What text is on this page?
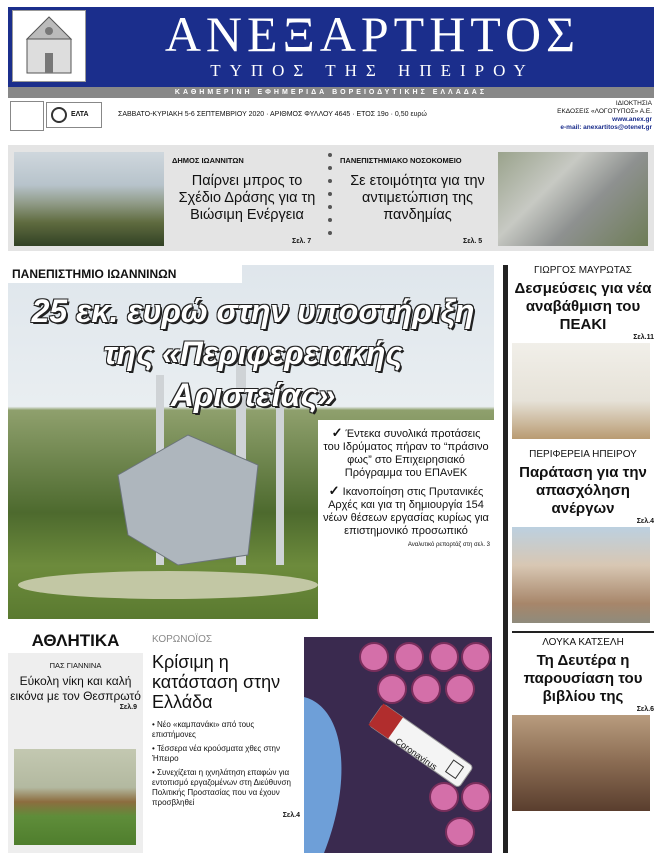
ΑΝΕΞΑΡΤΗΤΟΣ
ΤΥΠΟΣ ΤΗΣ ΗΠΕΙΡΟΥ
ΚΑΘΗΜΕΡΙΝΗ ΕΦΗΜΕΡΙΔΑ ΒΟΡΕΙΟΔΥΤΙΚΗΣ ΕΛΛΑΔΑΣ
ΕΛΤΑ	ΣΑΒΒΑΤΟ-ΚΥΡΙΑΚΗ 5-6 ΣΕΠΤΕΜΒΡΙΟΥ 2020 · ΑΡΙΘΜΟΣ ΦΥΛΛΟΥ 4645 · ΕΤΟΣ 19ο · 0,50 ευρώ
ΙΔΙΟΚΤΗΣΙΑ
ΕΚΔΟΣΕΙΣ «ΛΟΓΟΤΥΠΟΣ» Α.Ε.
www.anex.gr
e-mail: anexartitos@otenet.gr
ΔΗΜΟΣ ΙΩΑΝΝΙΤΩΝ
Παίρνει μπρος το Σχέδιο Δράσης για τη Βιώσιμη Ενέργεια
Σελ. 7
ΠΑΝΕΠΙΣΤΗΜΙΑΚΟ ΝΟΣΟΚΟΜΕΙΟ
Σε ετοιμότητα για την αντιμετώπιση της πανδημίας
Σελ. 5
ΠΑΝΕΠΙΣΤΗΜΙΟ ΙΩΑΝΝΙΝΩΝ
25 εκ. ευρώ στην υποστήριξη
της «Περιφερειακής Αριστείας»
✓ Έντεκα συνολικά προτάσεις του Ιδρύματος πήραν το “πράσινο φως” στο Επιχειρησιακό Πρόγραμμα του ΕΠΑνΕΚ
✓ Ικανοποίηση στις Πρυτανικές Αρχές και για τη δημιουργία 154 νέων θέσεων εργασίας κυρίως για επιστημονικό προσωπικό
Αναλυτικό ρεπορτάζ στη σελ. 3
ΓΙΩΡΓΟΣ ΜΑΥΡΩΤΑΣ
Δεσμεύσεις για νέα αναβάθμιση του ΠΕΑΚΙ
Σελ.11
ΠΕΡΙΦΕΡΕΙΑ ΗΠΕΙΡΟΥ
Παράταση για την απασχόληση ανέργων
Σελ.4
ΛΟΥΚΑ ΚΑΤΣΕΛΗ
Τη Δευτέρα η παρουσίαση του βιβλίου της
Σελ.6
ΑΘΛΗΤΙΚΑ
ΠΑΣ ΓΙΑΝΝΙΝΑ
Εύκολη νίκη και καλή εικόνα με τον Θεσπρωτό
Σελ.9
ΚΟΡΩΝΟΪΟΣ
Κρίσιμη η κατάσταση στην Ελλάδα
• Νέο «καμπανάκι» από τους επιστήμονες
• Τέσσερα νέα κρούσματα χθες στην Ήπειρο
• Συνεχίζεται η ιχνηλάτηση επαφών για εντοπισμό εργαζομένων στη Διεύθυνση Πολιτικής Προστασίας που να έχουν προσβληθεί
Σελ.4
Coronavirus
